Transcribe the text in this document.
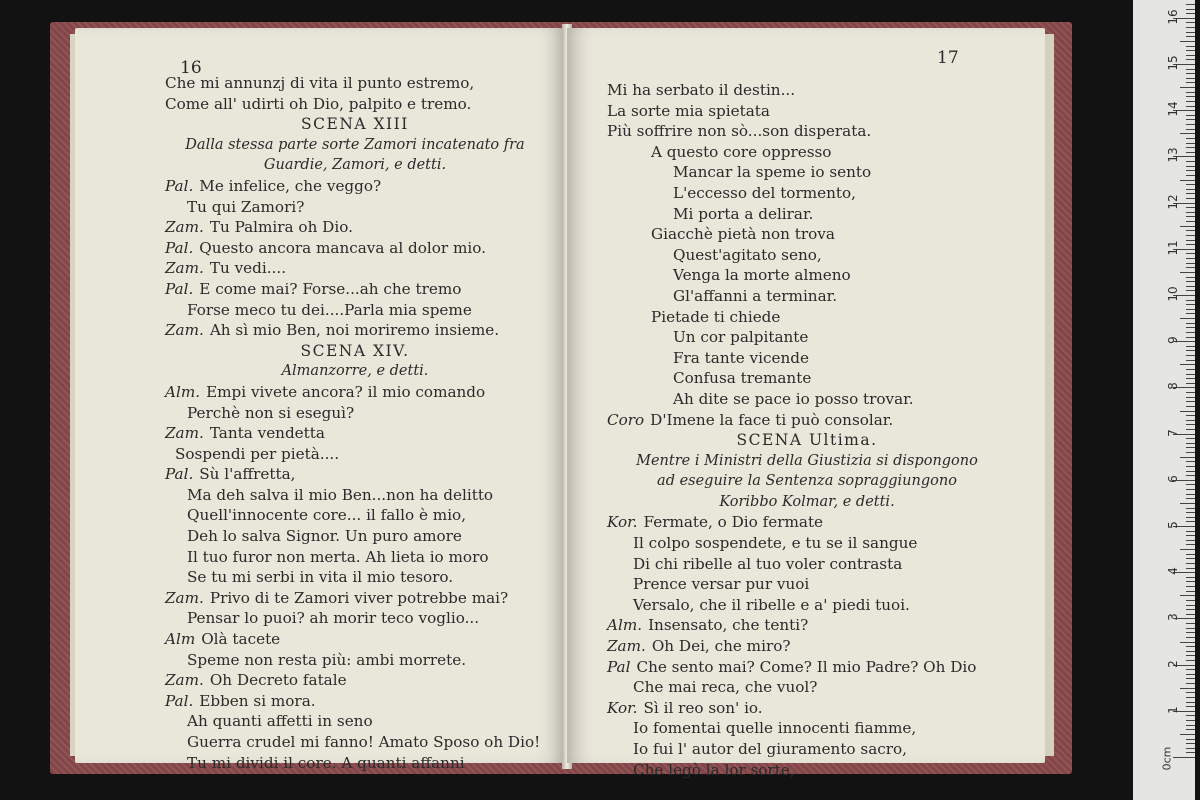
16
Che mi annunzj di vita il punto estremo,
Come all' udirti oh Dio, palpito e tremo.
SCENA XIII
Dalla stessa parte sorte Zamori incatenato fra
Guardie, Zamori, e detti.
Pal. Me infelice, che veggo?
Tu qui Zamori?
Zam. Tu Palmira oh Dio.
Pal. Questo ancora mancava al dolor mio.
Zam. Tu vedi....
Pal. E come mai? Forse...ah che tremo
Forse meco tu dei....Parla mia speme
Zam. Ah sì mio Ben, noi moriremo insieme.
SCENA XIV.
Almanzorre, e detti.
Alm. Empi vivete ancora? il mio comando
Perchè non si eseguì?
Zam. Tanta vendetta
Sospendi per pietà....
Pal. Sù l'affretta,
Ma deh salva il mio Ben...non ha delitto
Quell'innocente core... il fallo è mio,
Deh lo salva Signor. Un puro amore
Il tuo furor non merta. Ah lieta io moro
Se tu mi serbi in vita il mio tesoro.
Zam. Privo di te Zamori viver potrebbe mai?
Pensar lo puoi? ah morir teco voglio...
Alm Olà tacete
Speme non resta più: ambi morrete.
Zam. Oh Decreto fatale
Pal. Ebben si mora.
Ah quanti affetti in seno
Guerra crudel mi fanno! Amato Sposo oh Dio!
Tu mi dividi il core. A quanti affanni
17
Mi ha serbato il destin...
La sorte mia spietata
Più soffrire non sò...son disperata.
A questo core oppresso
Mancar la speme io sento
L'eccesso del tormento,
Mi porta a delirar.
Giacchè pietà non trova
Quest'agitato seno,
Venga la morte almeno
Gl'affanni a terminar.
Pietade ti chiede
Un cor palpitante
Fra tante vicende
Confusa tremante
Ah dite se pace io posso trovar.
Coro D'Imene la face ti può consolar.
SCENA Ultima.
Mentre i Ministri della Giustizia si dispongono
ad eseguire la Sentenza sopraggiungono
Koribbo Kolmar, e detti.
Kor. Fermate, o Dio fermate
Il colpo sospendete, e tu se il sangue
Di chi ribelle al tuo voler contrasta
Prence versar pur vuoi
Versalo, che il ribelle e a' piedi tuoi.
Alm. Insensato, che tenti?
Zam. Oh Dei, che miro?
Pal Che sento mai? Come? Il mio Padre? Oh Dio
Che mai reca, che vuol?
Kor. Sì il reo son' io.
Io fomentai quelle innocenti fiamme,
Io fui l' autor del giuramento sacro,
Che legò la lor sorte,	0cm
1
2
3
4
5
6
7
8
9
10
11
12
13
14
15
16
